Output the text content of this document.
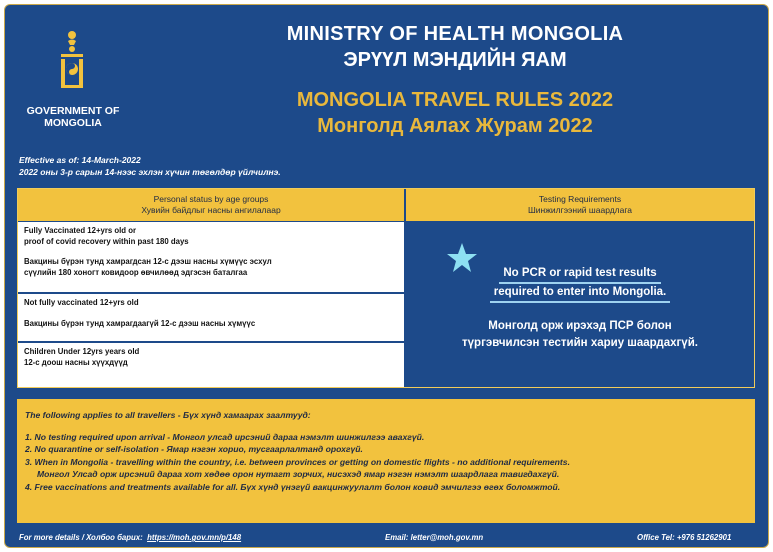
GOVERNMENT OF
MONGOLIA
MINISTRY OF HEALTH MONGOLIA
ЭРҮҮЛ МЭНДИЙН ЯАМ
MONGOLIA TRAVEL RULES 2022
Монголд Аялах Журам 2022
Effective as of: 14-March-2022
2022 оны 3-р сарын 14-нээс эхлэн хүчин төгөлдөр үйлчилнэ.
Personal status by age groups
Хувийн байдлыг насны ангилалаар
Testing Requirements
Шинжилгээний шаардлага
Fully Vaccinated 12+yrs old or
proof of covid recovery within past 180 days
Вакцины бүрэн тунд хамрагдсан 12-с дээш насны хүмүүс эсхул
сүүлийн 180 хоногт ковидоор өвчилөөд эдгэсэн баталгаа
Not fully vaccinated 12+yrs old
Вакцины бүрэн тунд хамрагдаагүй 12-с дээш насны хүмүүс
Children Under 12yrs years old
12-с доош насны хүүхдүүд
No PCR or rapid test results
required to enter into Mongolia.
Монголд орж ирэхэд ПСР болон
түргэвчилсэн тестийн хариу шаардахгүй.
The following applies to all travellers - Бүх хүнд хамаарах заалтууд:
1. No testing required upon arrival - Монгол улсад ирсэний дараа нэмэлт шинжилгээ авахгүй.
2. No quarantine or self-isolation - Ямар нэгэн хорио, тусгаарлалтанд орохгүй.
3. When in Mongolia - travelling within the country, i.e. between provinces or getting on domestic flights - no additional requirements.
Монгол Улсад орж ирсэний дараа хот хөдөө орон нутагт зорчих, нисэхэд ямар нэгэн нэмэлт шаардлага тавигдахгүй.
4. Free vaccinations and treatments available for all. Бүх хүнд үнэгүй вакцинжуулалт болон ковид эмчилгээ өгөх боломжтой.
For more details / Холбоо барих: https://moh.gov.mn/p/148	Email: letter@moh.gov.mn	Office Tel: +976 51262901
